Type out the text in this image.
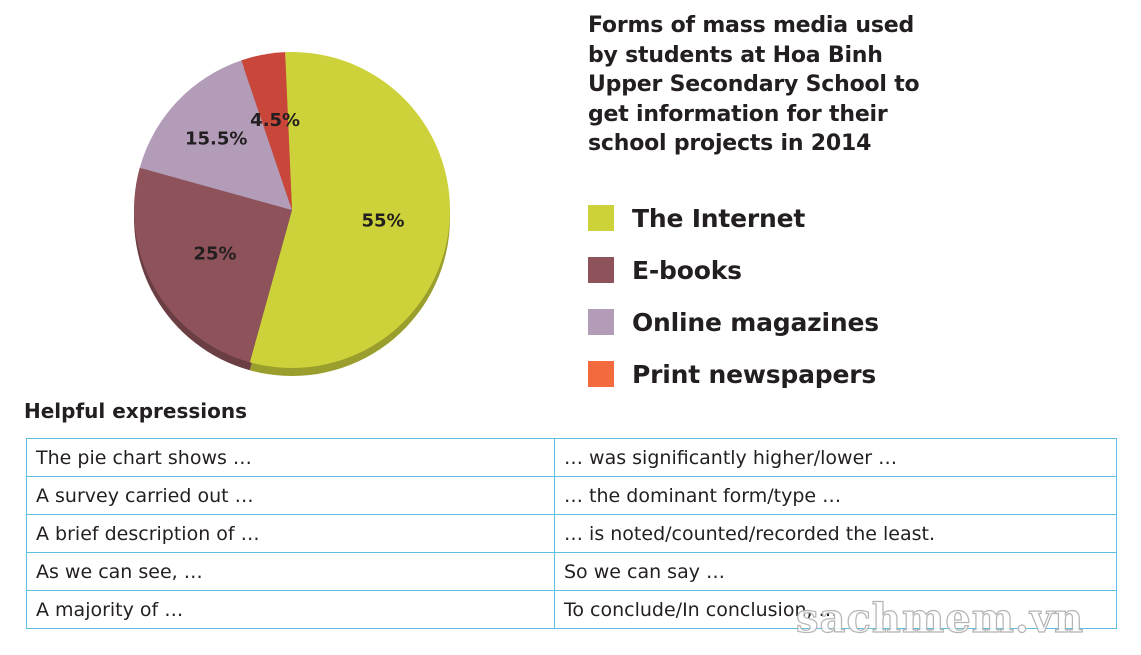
55%
25%
15.5%
4.5%
Forms of mass media used by students at Hoa Binh Upper Secondary School to get information for their school projects in 2014
The Internet
E-books
Online magazines
Print newspapers
Helpful expressions
The pie chart shows …	… was significantly higher/lower …
A survey carried out …	… the dominant form/type …
A brief description of …	… is noted/counted/recorded the least.
As we can see, …	So we can say …
A majority of …	To conclude/In conclusion, …
sachmem.vn
